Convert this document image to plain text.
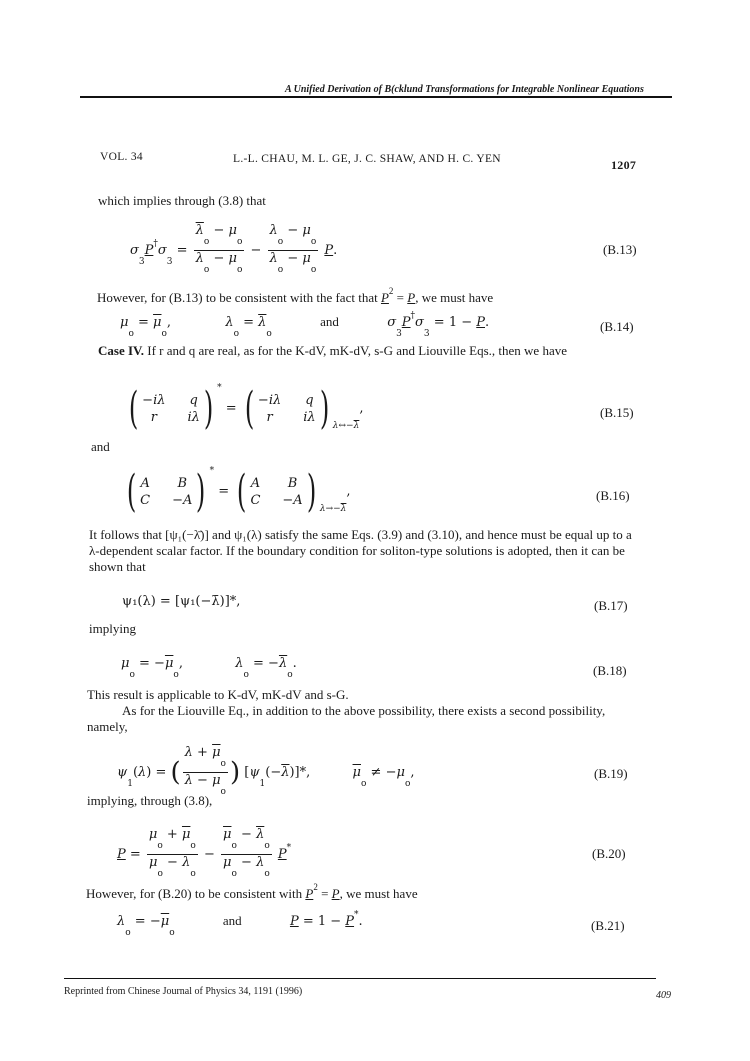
A Unified Derivation of B(cklund Transformations for Integrable Nonlinear Equations
VOL. 34	L.-L. CHAU, M. L. GE, J. C. SHAW, AND H. C. YEN	1207
which implies through (3.8) that
$\sigma_3P^\dagger\sigma_3 = \frac{\overline{\lambda}_o - \mu_o}{\overline{\lambda}_o - \overline{\mu}_o} - \frac{\lambda_o - \mu_o}{\overline{\lambda}_o - \overline{\mu}_o} P$.	(B.13)
However, for (B.13) to be consistent with the fact that $P^2 = P$, we must have
$\mu_o = \overline{\mu}_o$,	$\lambda_o = \overline{\lambda}_o$  and	$\sigma_3P^\dagger\sigma_3 = 1 - P$.	(B.14)
Case IV. If r and q are real, as for the K-dV, mK-dV, s-G and Liouville Eqs., then we have
( −iλ q
r	iλ ) * = ( −iλ q
r	iλ ) $_{\lambda\leftrightarrow-\overline{\lambda}}$,	(B.15)
and
( A	B
C −A ) * = ( A	B
C −A ) $_{\lambda\to-\overline{\lambda}}$,	(B.16)
It follows that [ψ₁(−λ̄)] and ψ₁(λ) satisfy the same Eqs. (3.9) and (3.10), and hence must be equal up to a λ-dependent scalar factor. If the boundary condition for soliton-type solutions is adopted, then it can be shown that
ψ₁(λ) = [ψ₁(−λ̄)]*,	(B.17)
implying
$\mu_o = -\overline{\mu}_o$,	$\lambda_o = -\overline{\lambda}_o$.	(B.18)
This result is applicable to K-dV, mK-dV and s-G.
As for the Liouville Eq., in addition to the above possibility, there exists a second possibility, namely,
$\psi_1(\lambda)$ = ( $\frac{\lambda + \overline{\mu}_o}{\lambda - \mu_o}$ ) $[\psi_1(-\overline{\lambda})]*$,	$\overline{\mu}_o \ne -\mu_o$,	(B.19)
implying, through (3.8),
$P = \frac{\mu_o + \overline{\mu}_o}{\mu_o - \lambda_o} - \frac{\overline{\mu}_o - \overline{\lambda}_o}{\mu_o - \lambda_o} P^*$	(B.20)
However, for (B.20) to be consistent with $P^2 = P$, we must have
$\lambda_o = -\overline{\mu}_o$  and	P = 1 − P*.	(B.21)
Reprinted from Chinese Journal of Physics 34, 1191 (1996)	409
